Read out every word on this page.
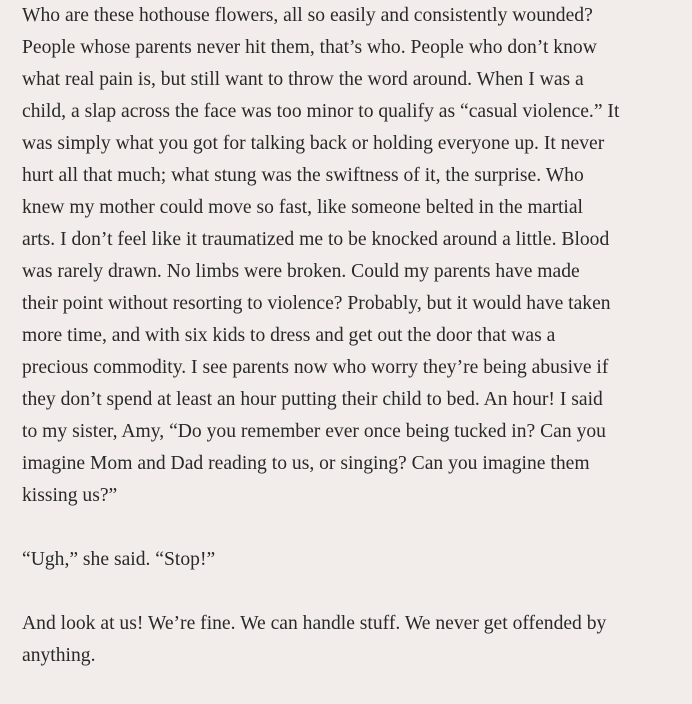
Who are these hothouse flowers, all so easily and consistently wounded?
People whose parents never hit them, that’s who. People who don’t know
what real pain is, but still want to throw the word around. When I was a
child, a slap across the face was too minor to qualify as “casual violence.” It
was simply what you got for talking back or holding everyone up. It never
hurt all that much; what stung was the swiftness of it, the surprise. Who
knew my mother could move so fast, like someone belted in the martial
arts. I don’t feel like it traumatized me to be knocked around a little. Blood
was rarely drawn. No limbs were broken. Could my parents have made
their point without resorting to violence? Probably, but it would have taken
more time, and with six kids to dress and get out the door that was a
precious commodity. I see parents now who worry they’re being abusive if
they don’t spend at least an hour putting their child to bed. An hour! I said
to my sister, Amy, “Do you remember ever once being tucked in? Can you
imagine Mom and Dad reading to us, or singing? Can you imagine them
kissing us?”

“Ugh,” she said. “Stop!”

And look at us! We’re fine. We can handle stuff. We never get offended by
anything.
